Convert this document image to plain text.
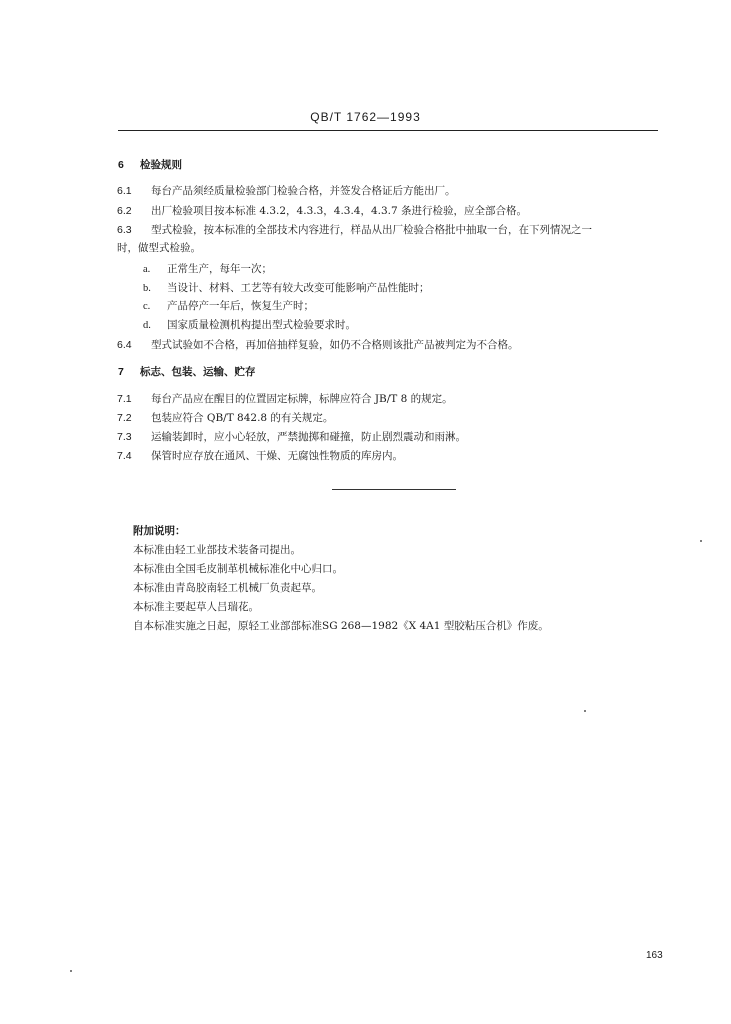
QB/T 1762—1993
6 检验规则
6.1 每台产品须经质量检验部门检验合格，并签发合格证后方能出厂。
6.2 出厂检验项目按本标准 4.3.2，4.3.3，4.3.4，4.3.7 条进行检验，应全部合格。
6.3 型式检验，按本标准的全部技术内容进行，样品从出厂检验合格批中抽取一台，在下列情况之一
时，做型式检验。
a. 正常生产，每年一次；
b. 当设计、材料、工艺等有较大改变可能影响产品性能时；
c. 产品停产一年后，恢复生产时；
d. 国家质量检测机构提出型式检验要求时。
6.4 型式试验如不合格，再加倍抽样复验，如仍不合格则该批产品被判定为不合格。
7 标志、包装、运输、贮存
7.1 每台产品应在醒目的位置固定标牌，标牌应符合 JB/T 8 的规定。
7.2 包装应符合 QB/T 842.8 的有关规定。
7.3 运输装卸时，应小心轻放，严禁抛掷和碰撞，防止剧烈震动和雨淋。
7.4 保管时应存放在通风、干燥、无腐蚀性物质的库房内。
附加说明：
本标准由轻工业部技术装备司提出。
本标准由全国毛皮制革机械标准化中心归口。
本标准由青岛胶南轻工机械厂负责起草。
本标准主要起草人吕瑞花。
自本标准实施之日起，原轻工业部部标准SG 268—1982《X 4A1 型胶粘压合机》作废。
163
